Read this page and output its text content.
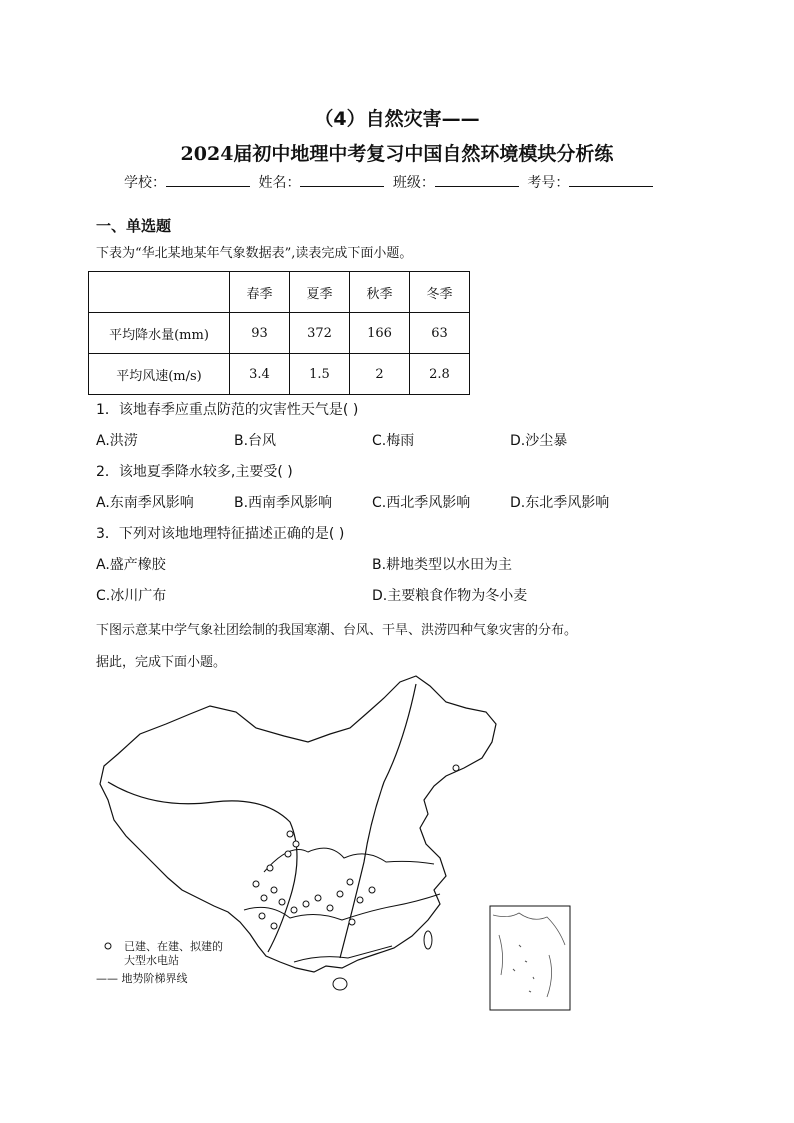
（4）自然灾害——
2024届初中地理中考复习中国自然环境模块分析练
学校：	姓名：	班级：	考号：
一、单选题
下表为“华北某地某年气象数据表”,读表完成下面小题。
	春季	夏季	秋季	冬季
平均降水量(mm)	93	372	166	63
平均风速(m/s)	3.4	1.5	2	2.8
1．该地春季应重点防范的灾害性天气是( )
A.洪涝	B.台风	C.梅雨	D.沙尘暴
2．该地夏季降水较多,主要受( )
A.东南季风影响	B.西南季风影响	C.西北季风影响	D.东北季风影响
3．下列对该地地理特征描述正确的是( )
A.盛产橡胶	B.耕地类型以水田为主
C.冰川广布	D.主要粮食作物为冬小麦
下图示意某中学气象社团绘制的我国寒潮、台风、干旱、洪涝四种气象灾害的分布。
据此，完成下面小题。
已建、在建、拟建的
大型水电站
—— 地势阶梯界线
